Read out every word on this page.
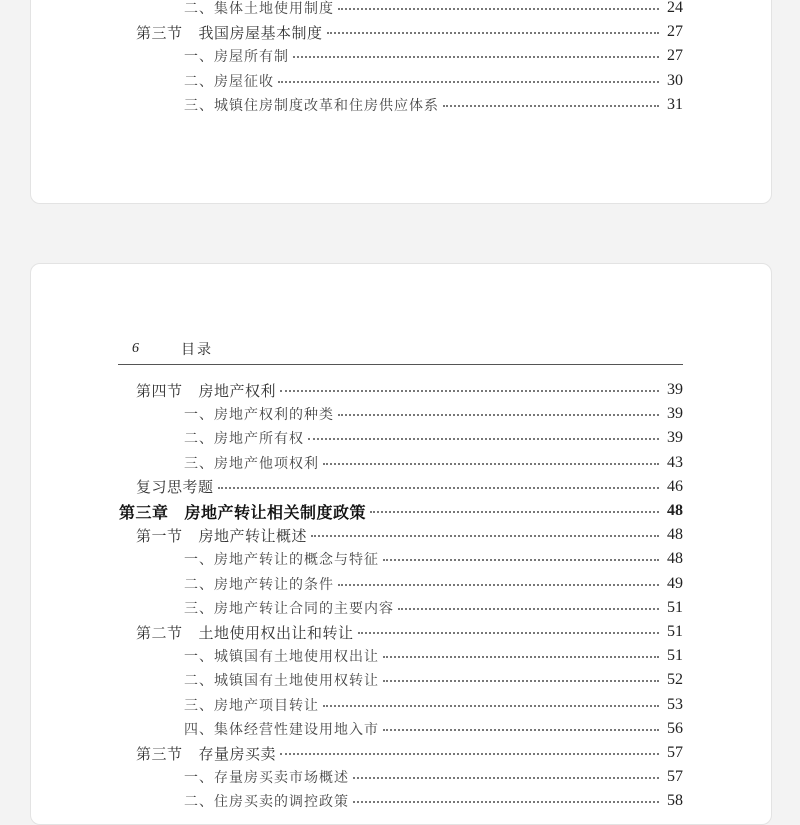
二、集体土地使用制度	24
第三节 我国房屋基本制度	27
一、房屋所有制	27
二、房屋征收	30
三、城镇住房制度改革和住房供应体系	31
6	目录
第四节 房地产权利	39
一、房地产权利的种类	39
二、房地产所有权	39
三、房地产他项权利	43
复习思考题	46
第三章 房地产转让相关制度政策	48
第一节 房地产转让概述	48
一、房地产转让的概念与特征	48
二、房地产转让的条件	49
三、房地产转让合同的主要内容	51
第二节 土地使用权出让和转让	51
一、城镇国有土地使用权出让	51
二、城镇国有土地使用权转让	52
三、房地产项目转让	53
四、集体经营性建设用地入市	56
第三节 存量房买卖	57
一、存量房买卖市场概述	57
二、住房买卖的调控政策	58
